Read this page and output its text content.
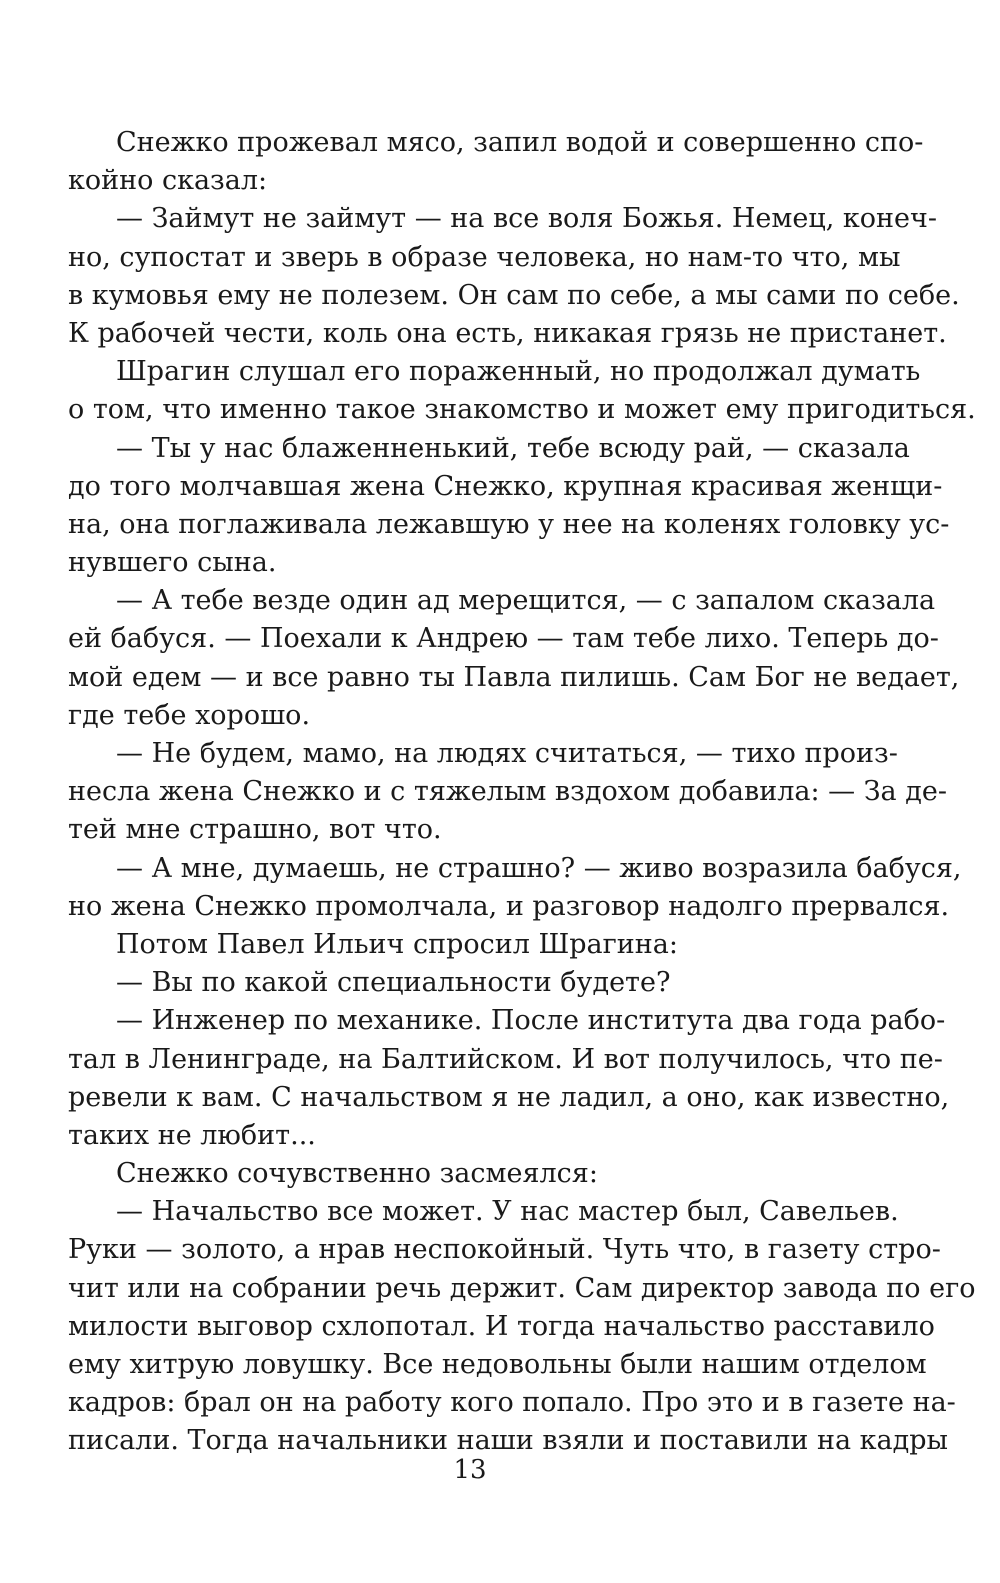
Снежко прожевал мясо, запил водой и совершенно спо-
койно сказал:
— Займут не займут — на все воля Божья. Немец, конеч-
но, супостат и зверь в образе человека, но нам-то что, мы
в кумовья ему не полезем. Он сам по себе, а мы сами по себе.
К рабочей чести, коль она есть, никакая грязь не пристанет.
Шрагин слушал его пораженный, но продолжал думать
о том, что именно такое знакомство и может ему пригодиться.
— Ты у нас блаженненький, тебе всюду рай, — сказала
до того молчавшая жена Снежко, крупная красивая женщи-
на, она поглаживала лежавшую у нее на коленях головку ус-
нувшего сына.
— А тебе везде один ад мерещится, — с запалом сказала
ей бабуся. — Поехали к Андрею — там тебе лихо. Теперь до-
мой едем — и все равно ты Павла пилишь. Сам Бог не ведает,
где тебе хорошо.
— Не будем, мамо, на людях считаться, — тихо произ-
несла жена Снежко и с тяжелым вздохом добавила: — За де-
тей мне страшно, вот что.
— А мне, думаешь, не страшно? — живо возразила бабуся,
но жена Снежко промолчала, и разговор надолго прервался.
Потом Павел Ильич спросил Шрагина:
— Вы по какой специальности будете?
— Инженер по механике. После института два года рабо-
тал в Ленинграде, на Балтийском. И вот получилось, что пе-
ревели к вам. С начальством я не ладил, а оно, как известно,
таких не любит...
Снежко сочувственно засмеялся:
— Начальство все может. У нас мастер был, Савельев.
Руки — золото, а нрав неспокойный. Чуть что, в газету стро-
чит или на собрании речь держит. Сам директор завода по его
милости выговор схлопотал. И тогда начальство расставило
ему хитрую ловушку. Все недовольны были нашим отделом
кадров: брал он на работу кого попало. Про это и в газете на-
писали. Тогда начальники наши взяли и поставили на кадры
13
